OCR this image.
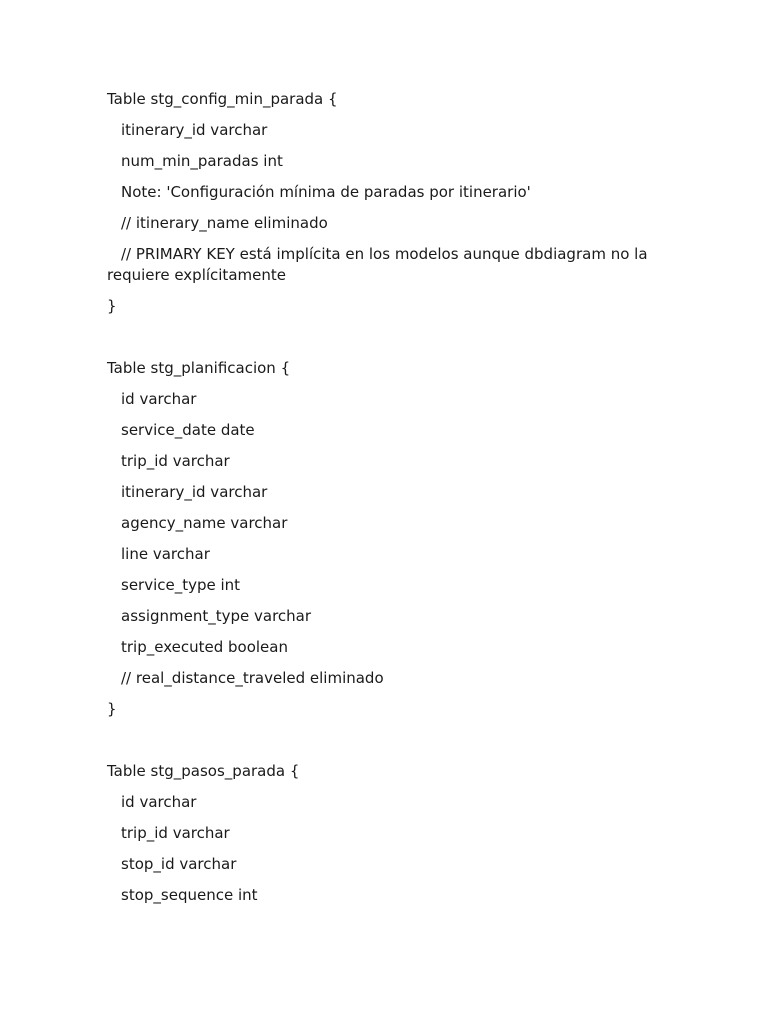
Table stg_config_min_parada {
itinerary_id varchar
num_min_paradas int
Note: 'Configuración mínima de paradas por itinerario'
// itinerary_name eliminado
// PRIMARY KEY está implícita en los modelos aunque dbdiagram no la requiere explícitamente
}
Table stg_planificacion {
id varchar
service_date date
trip_id varchar
itinerary_id varchar
agency_name varchar
line varchar
service_type int
assignment_type varchar
trip_executed boolean
// real_distance_traveled eliminado
}
Table stg_pasos_parada {
id varchar
trip_id varchar
stop_id varchar
stop_sequence int
